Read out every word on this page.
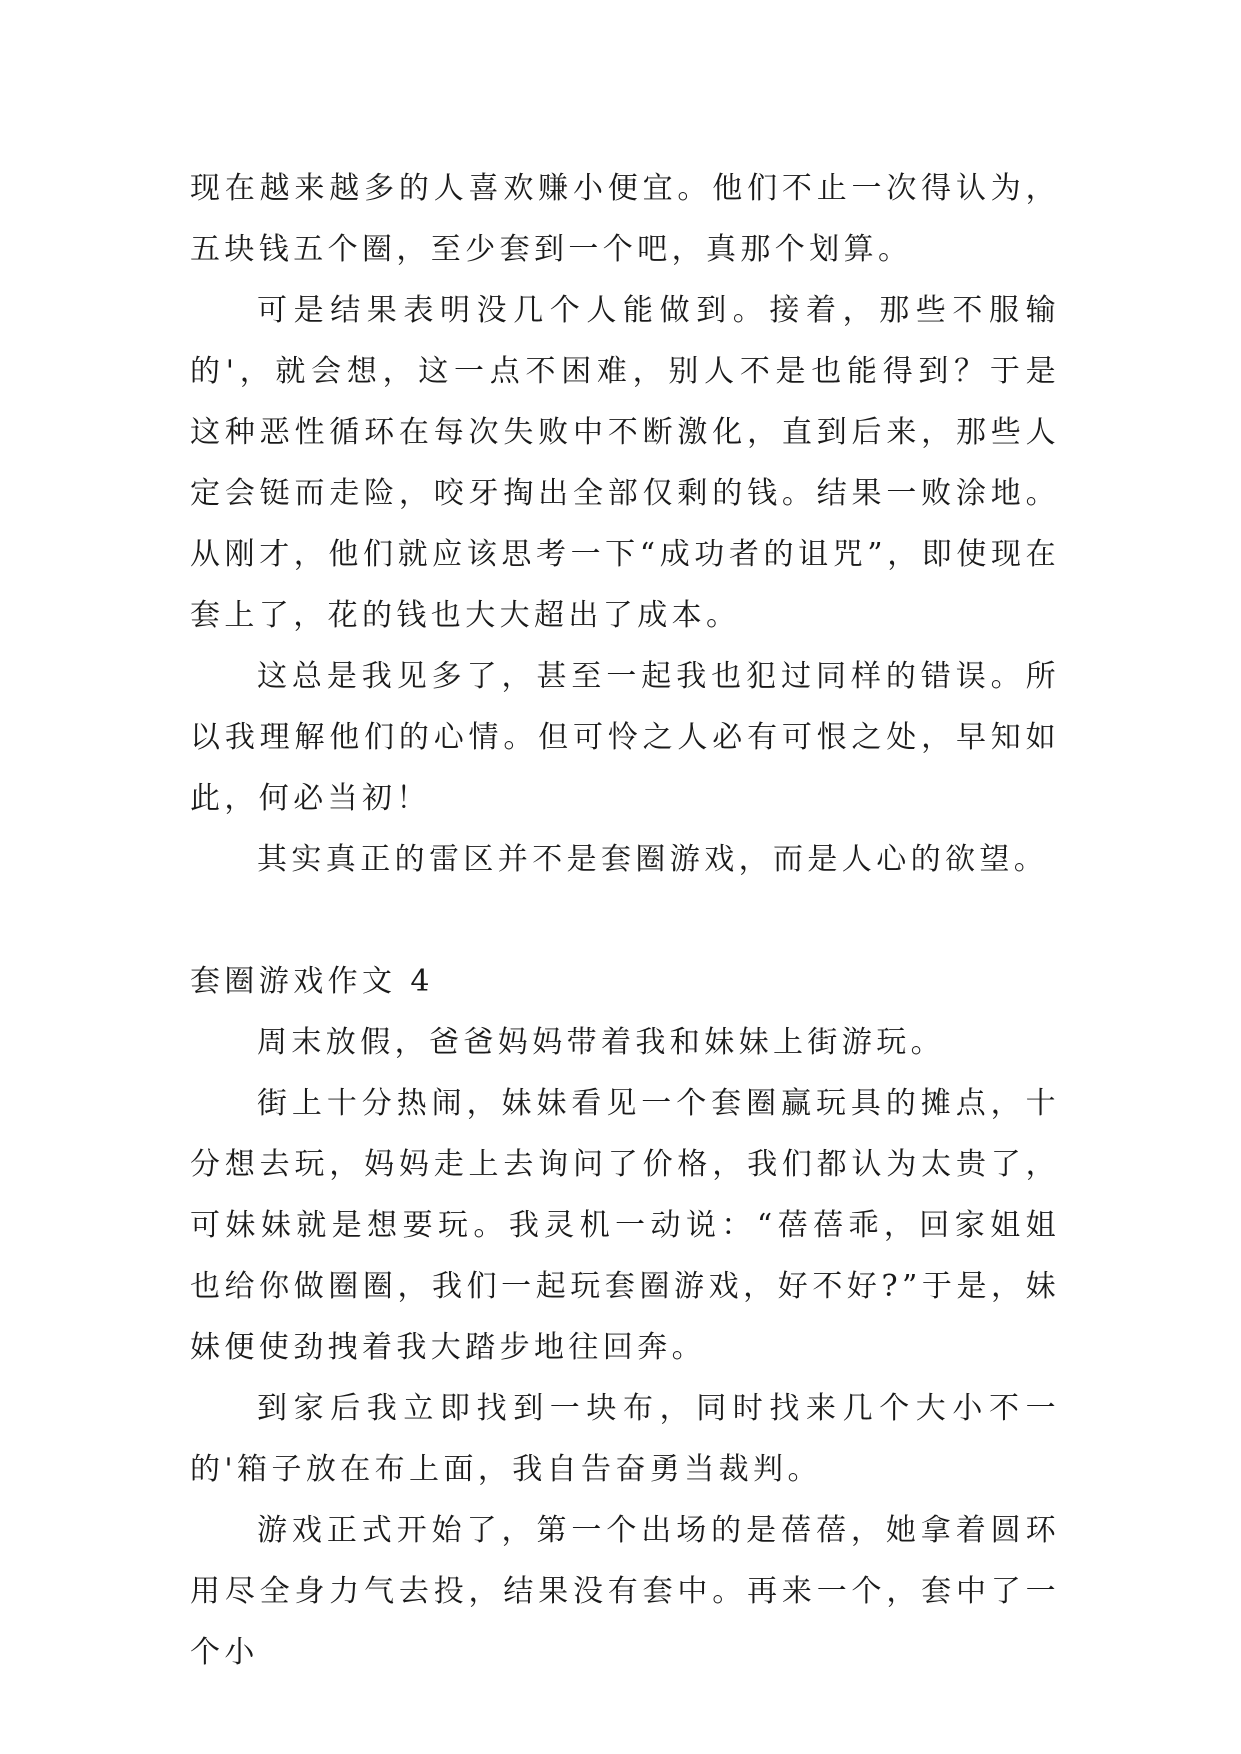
现在越来越多的人喜欢赚小便宜。他们不止一次得认为，五块钱五个圈，至少套到一个吧，真那个划算。

可是结果表明没几个人能做到。接着，那些不服输的'，就会想，这一点不困难，别人不是也能得到？于是这种恶性循环在每次失败中不断激化，直到后来，那些人定会铤而走险，咬牙掏出全部仅剩的钱。结果一败涂地。从刚才，他们就应该思考一下“成功者的诅咒”，即使现在套上了，花的钱也大大超出了成本。

这总是我见多了，甚至一起我也犯过同样的错误。所以我理解他们的心情。但可怜之人必有可恨之处，早知如此，何必当初！

其实真正的雷区并不是套圈游戏，而是人心的欲望。

套圈游戏作文 4

周末放假，爸爸妈妈带着我和妹妹上街游玩。

街上十分热闹，妹妹看见一个套圈赢玩具的摊点，十分想去玩，妈妈走上去询问了价格，我们都认为太贵了，可妹妹就是想要玩。我灵机一动说：“蓓蓓乖，回家姐姐也给你做圈圈，我们一起玩套圈游戏，好不好?”于是，妹妹便使劲拽着我大踏步地往回奔。

到家后我立即找到一块布，同时找来几个大小不一的'箱子放在布上面，我自告奋勇当裁判。

游戏正式开始了，第一个出场的是蓓蓓，她拿着圆环用尽全身力气去投，结果没有套中。再来一个，套中了一个小
